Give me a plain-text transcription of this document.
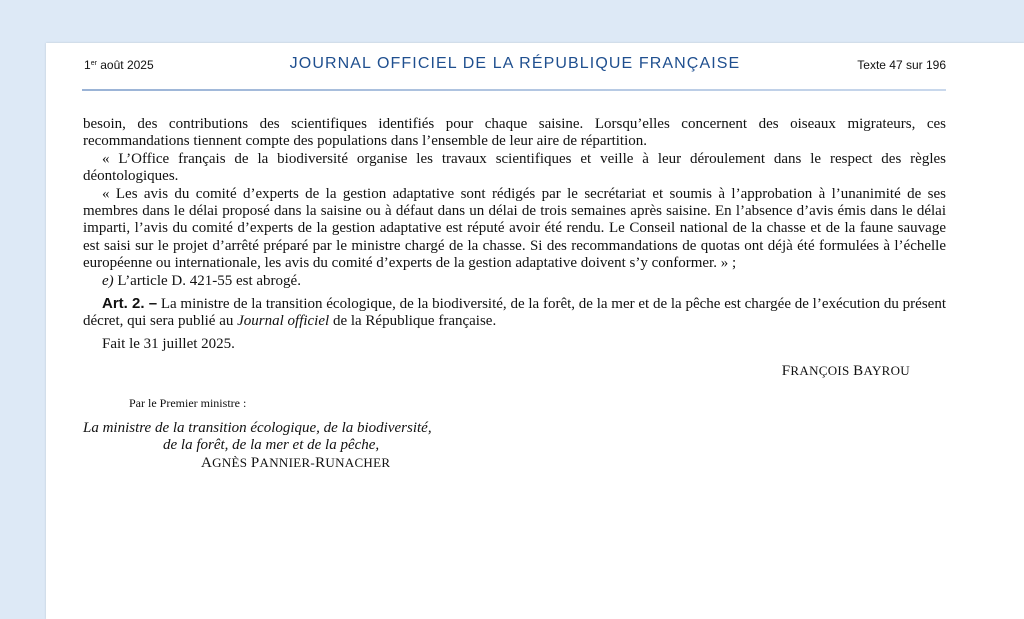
1er août 2025	JOURNAL OFFICIEL DE LA RÉPUBLIQUE FRANÇAISE	Texte 47 sur 196

besoin, des contributions des scientifiques identifiés pour chaque saisine. Lorsqu’elles concernent des oiseaux migrateurs, ces recommandations tiennent compte des populations dans l’ensemble de leur aire de répartition.

« L’Office français de la biodiversité organise les travaux scientifiques et veille à leur déroulement dans le respect des règles déontologiques.

« Les avis du comité d’experts de la gestion adaptative sont rédigés par le secrétariat et soumis à l’approbation à l’unanimité de ses membres dans le délai proposé dans la saisine ou à défaut dans un délai de trois semaines après saisine. En l’absence d’avis émis dans le délai imparti, l’avis du comité d’experts de la gestion adaptative est réputé avoir été rendu. Le Conseil national de la chasse et de la faune sauvage est saisi sur le projet d’arrêté préparé par le ministre chargé de la chasse. Si des recommandations de quotas ont déjà été formulées à l’échelle européenne ou internationale, les avis du comité d’experts de la gestion adaptative doivent s’y conformer. » ;

e) L’article D. 421-55 est abrogé.

Art. 2. – La ministre de la transition écologique, de la biodiversité, de la forêt, de la mer et de la pêche est chargée de l’exécution du présent décret, qui sera publié au Journal officiel de la République française.

Fait le 31 juillet 2025.

FRANÇOIS BAYROU
Par le Premier ministre :
La ministre de la transition écologique, de la biodiversité,
de la forêt, de la mer et de la pêche,
AGNÈS PANNIER-RUNACHER
